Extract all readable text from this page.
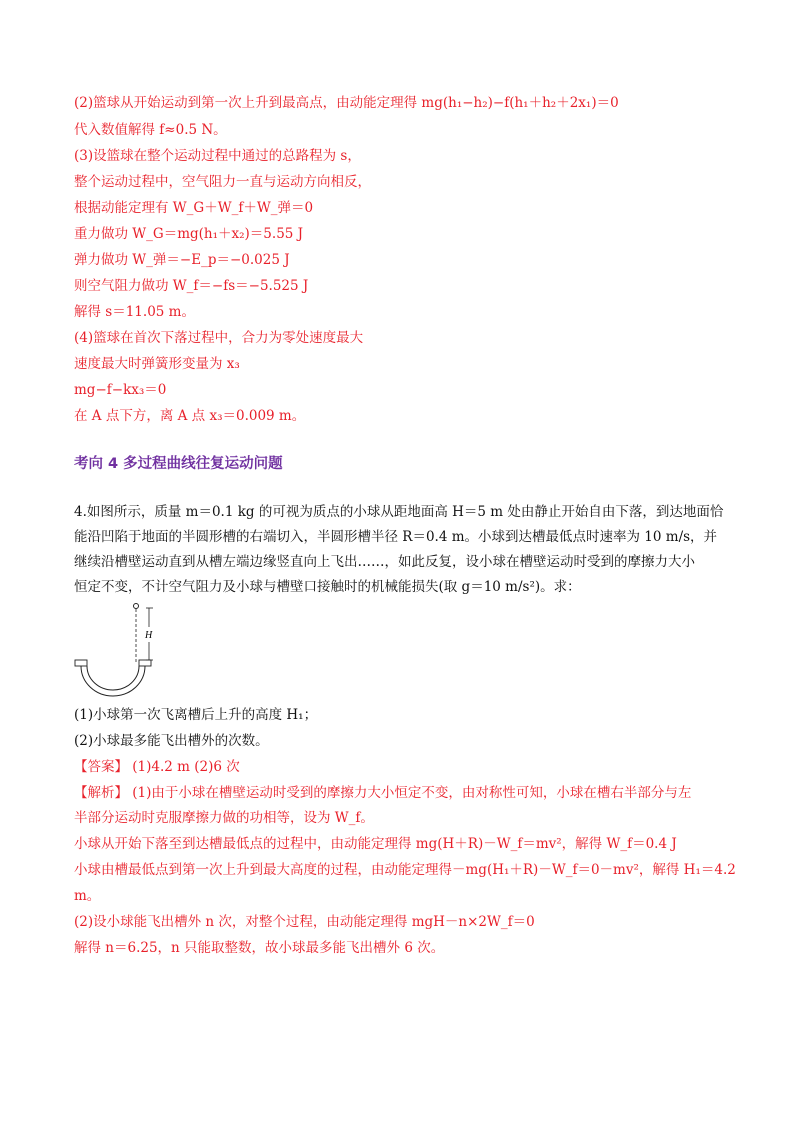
(2)篮球从开始运动到第一次上升到最高点，由动能定理得 mg(h₁−h₂)−f(h₁＋h₂＋2x₁)＝0
代入数值解得 f≈0.5 N。
(3)设篮球在整个运动过程中通过的总路程为 s，
整个运动过程中，空气阻力一直与运动方向相反，
根据动能定理有 W_G＋W_f＋W_弹＝0
重力做功 W_G＝mg(h₁＋x₂)＝5.55 J
弹力做功 W_弹＝−E_p＝−0.025 J
则空气阻力做功 W_f＝−fs＝−5.525 J
解得 s＝11.05 m。
(4)篮球在首次下落过程中，合力为零处速度最大
速度最大时弹簧形变量为 x₃
mg−f−kx₃＝0
在 A 点下方，离 A 点 x₃＝0.009 m。
考向 4 多过程曲线往复运动问题
4.如图所示，质量 m＝0.1 kg 的可视为质点的小球从距地面高 H＝5 m 处由静止开始自由下落，到达地面恰
能沿凹陷于地面的半圆形槽的右端切入，半圆形槽半径 R＝0.4 m。小球到达槽最低点时速率为 10 m/s，并
继续沿槽壁运动直到从槽左端边缘竖直向上飞出……，如此反复，设小球在槽壁运动时受到的摩擦力大小
恒定不变，不计空气阻力及小球与槽壁口接触时的机械能损失(取 g＝10 m/s²)。求：
H
(1)小球第一次飞离槽后上升的高度 H₁；
(2)小球最多能飞出槽外的次数。
【答案】 (1)4.2 m (2)6 次
【解析】 (1)由于小球在槽壁运动时受到的摩擦力大小恒定不变，由对称性可知，小球在槽右半部分与左
半部分运动时克服摩擦力做的功相等，设为 W_f。
小球从开始下落至到达槽最低点的过程中，由动能定理得 mg(H＋R)－W_f＝mv²，解得 W_f＝0.4 J
小球由槽最低点到第一次上升到最大高度的过程，由动能定理得－mg(H₁＋R)－W_f＝0－mv²，解得 H₁＝4.2
m。
(2)设小球能飞出槽外 n 次，对整个过程，由动能定理得 mgH－n×2W_f＝0
解得 n＝6.25，n 只能取整数，故小球最多能飞出槽外 6 次。
